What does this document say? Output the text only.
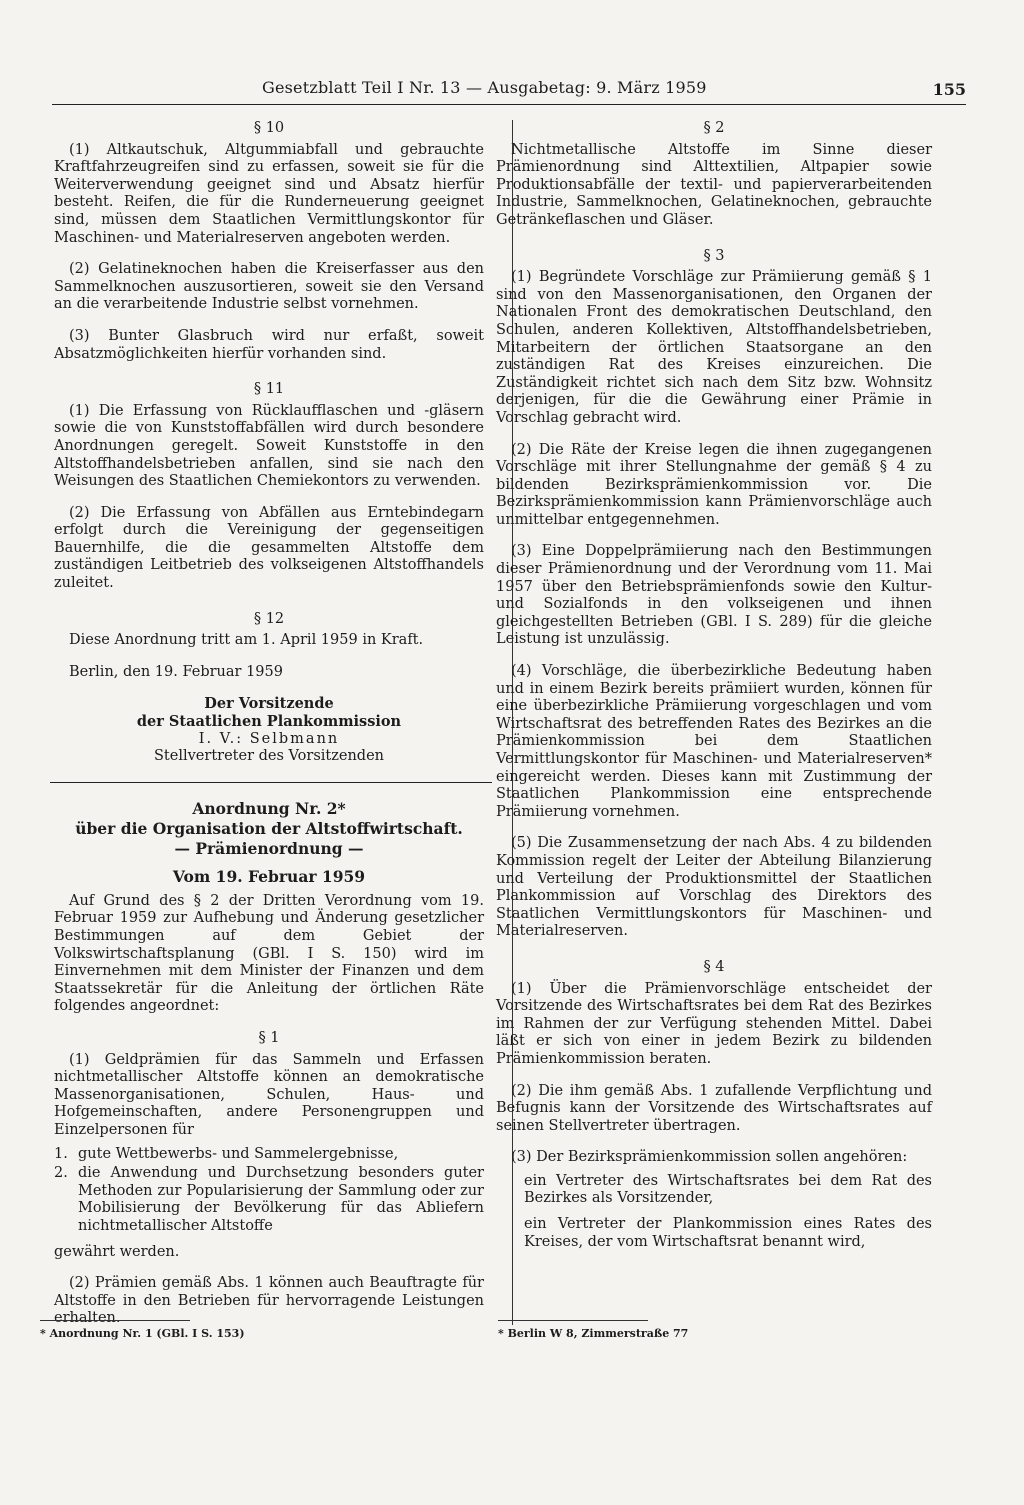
Gesetzblatt Teil I Nr. 13 — Ausgabetag: 9. März 1959	155
§ 10

(1) Altkautschuk, Altgummiabfall und gebrauchte Kraftfahrzeugreifen sind zu erfassen, soweit sie für die Weiterverwendung geeignet sind und Absatz hierfür besteht. Reifen, die für die Runderneuerung geeignet sind, müssen dem Staatlichen Vermittlungskontor für Maschinen- und Materialreserven angeboten werden.

(2) Gelatineknochen haben die Kreiserfasser aus den Sammelknochen auszusortieren, soweit sie den Versand an die verarbeitende Industrie selbst vornehmen.

(3) Bunter Glasbruch wird nur erfaßt, soweit Absatzmöglichkeiten hierfür vorhanden sind.

§ 11

(1) Die Erfassung von Rücklaufflaschen und -gläsern sowie die von Kunststoffabfällen wird durch besondere Anordnungen geregelt. Soweit Kunststoffe in den Altstoffhandelsbetrieben anfallen, sind sie nach den Weisungen des Staatlichen Chemiekontors zu verwenden.

(2) Die Erfassung von Abfällen aus Erntebindegarn erfolgt durch die Vereinigung der gegenseitigen Bauernhilfe, die die gesammelten Altstoffe dem zuständigen Leitbetrieb des volkseigenen Altstoffhandels zuleitet.

§ 12

Diese Anordnung tritt am 1. April 1959 in Kraft.

Berlin, den 19. Februar 1959

Der Vorsitzende
der Staatlichen Plankommission
I. V.: Selbmann
Stellvertreter des Vorsitzenden
Anordnung Nr. 2*
über die Organisation der Altstoffwirtschaft.
— Prämienordnung —
Vom 19. Februar 1959

Auf Grund des § 2 der Dritten Verordnung vom 19. Februar 1959 zur Aufhebung und Änderung gesetzlicher Bestimmungen auf dem Gebiet der Volkswirtschaftsplanung (GBl. I S. 150) wird im Einvernehmen mit dem Minister der Finanzen und dem Staatssekretär für die Anleitung der örtlichen Räte folgendes angeordnet:

§ 1

(1) Geldprämien für das Sammeln und Erfassen nichtmetallischer Altstoffe können an demokratische Massenorganisationen, Schulen, Haus- und Hofgemeinschaften, andere Personengruppen und Einzelpersonen für

1. gute Wettbewerbs- und Sammelergebnisse,
2. die Anwendung und Durchsetzung besonders guter Methoden zur Popularisierung der Sammlung oder zur Mobilisierung der Bevölkerung für das Abliefern nichtmetallischer Altstoffe

gewährt werden.

(2) Prämien gemäß Abs. 1 können auch Beauftragte für Altstoffe in den Betrieben für hervorragende Leistungen erhalten.

§ 2

Nichtmetallische Altstoffe im Sinne dieser Prämienordnung sind Alttextilien, Altpapier sowie Produktionsabfälle der textil- und papierverarbeitenden Industrie, Sammelknochen, Gelatineknochen, gebrauchte Getränkeflaschen und Gläser.

§ 3

(1) Begründete Vorschläge zur Prämiierung gemäß § 1 sind von den Massenorganisationen, den Organen der Nationalen Front des demokratischen Deutschland, den Schulen, anderen Kollektiven, Altstoffhandelsbetrieben, Mitarbeitern der örtlichen Staatsorgane an den zuständigen Rat des Kreises einzureichen. Die Zuständigkeit richtet sich nach dem Sitz bzw. Wohnsitz derjenigen, für die die Gewährung einer Prämie in Vorschlag gebracht wird.

(2) Die Räte der Kreise legen die ihnen zugegangenen Vorschläge mit ihrer Stellungnahme der gemäß § 4 zu bildenden Bezirksprämienkommission vor. Die Bezirksprämienkommission kann Prämienvorschläge auch unmittelbar entgegennehmen.

(3) Eine Doppelprämiierung nach den Bestimmungen dieser Prämienordnung und der Verordnung vom 11. Mai 1957 über den Betriebsprämienfonds sowie den Kultur- und Sozialfonds in den volkseigenen und ihnen gleichgestellten Betrieben (GBl. I S. 289) für die gleiche Leistung ist unzulässig.

(4) Vorschläge, die überbezirkliche Bedeutung haben und in einem Bezirk bereits prämiiert wurden, können für eine überbezirkliche Prämiierung vorgeschlagen und vom Wirtschaftsrat des betreffenden Rates des Bezirkes an die Prämienkommission bei dem Staatlichen Vermittlungskontor für Maschinen- und Materialreserven* eingereicht werden. Dieses kann mit Zustimmung der Staatlichen Plankommission eine entsprechende Prämiierung vornehmen.

(5) Die Zusammensetzung der nach Abs. 4 zu bildenden Kommission regelt der Leiter der Abteilung Bilanzierung und Verteilung der Produktionsmittel der Staatlichen Plankommission auf Vorschlag des Direktors des Staatlichen Vermittlungskontors für Maschinen- und Materialreserven.

§ 4

(1) Über die Prämienvorschläge entscheidet der Vorsitzende des Wirtschaftsrates bei dem Rat des Bezirkes im Rahmen der zur Verfügung stehenden Mittel. Dabei läßt er sich von einer in jedem Bezirk zu bildenden Prämienkommission beraten.

(2) Die ihm gemäß Abs. 1 zufallende Verpflichtung und Befugnis kann der Vorsitzende des Wirtschaftsrates auf seinen Stellvertreter übertragen.

(3) Der Bezirksprämienkommission sollen angehören:

ein Vertreter des Wirtschaftsrates bei dem Rat des Bezirkes als Vorsitzender,

ein Vertreter der Plankommission eines Rates des Kreises, der vom Wirtschaftsrat benannt wird,

* Anordnung Nr. 1 (GBl. I S. 153)	* Berlin W 8, Zimmerstraße 77
